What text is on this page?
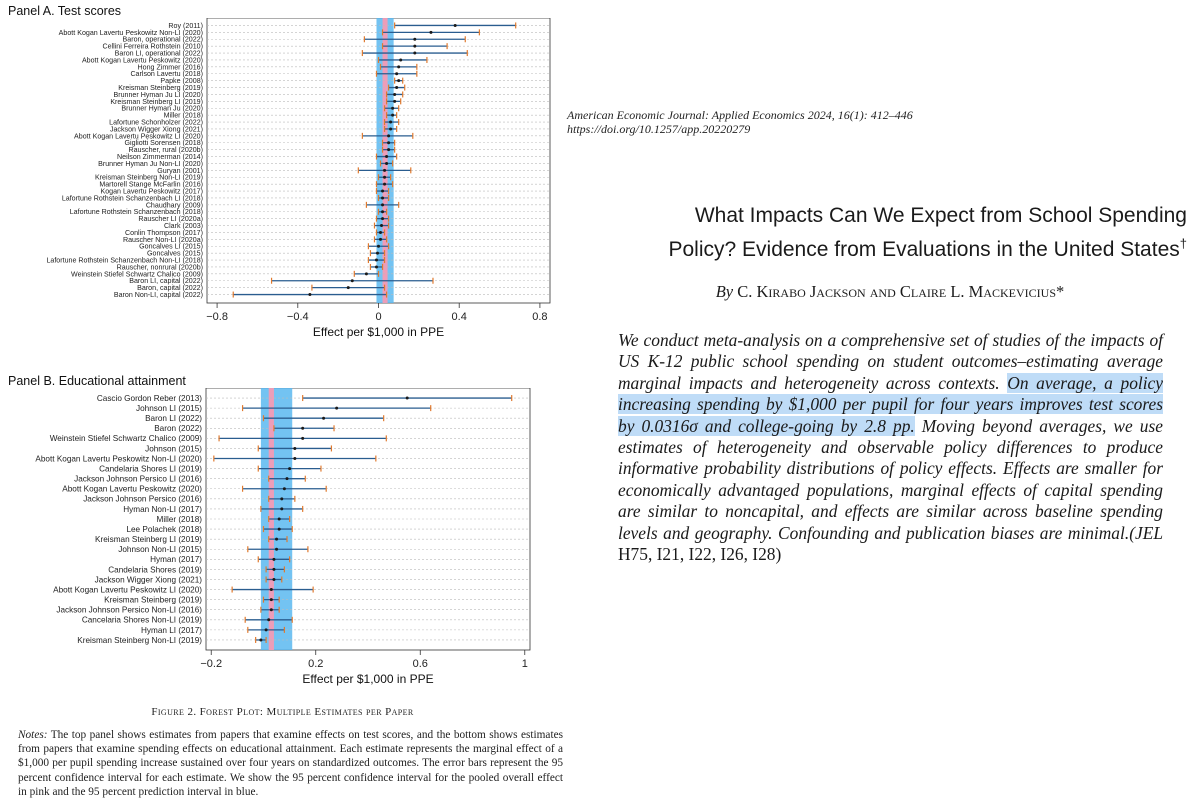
Panel A. Test scores
Roy (2011)
Abott Kogan Lavertu Peskowitz Non-LI (2020)
Baron, operational (2022)
Cellini Ferreira Rothstein (2010)
Baron LI, operational (2022)
Abott Kogan Lavertu Peskowitz (2020)
Hong Zimmer (2016)
Carlson Lavertu (2018)
Papke (2008)
Kreisman Steinberg (2019)
Brunner Hyman Ju LI (2020)
Kreisman Steinberg LI (2019)
Brunner Hyman Ju (2020)
Miller (2018)
Lafortune Schonholzer (2022)
Jackson Wigger Xiong (2021)
Abott Kogan Lavertu Peskowitz LI (2020)
Gigliotti Sorensen (2018)
Rauscher, rural (2020b)
Neilson Zimmerman (2014)
Brunner Hyman Ju Non-LI (2020)
Guryan (2001)
Kreisman Steinberg Non-LI (2019)
Martorell Stange McFarlin (2016)
Kogan Lavertu Peskowitz (2017)
Lafortune Rothstein Schanzenbach LI (2018)
Chaudhary (2009)
Lafortune Rothstein Schanzenbach (2018)
Rauscher LI (2020a)
Clark (2003)
Conlin Thompson (2017)
Rauscher Non-LI (2020a)
Goncalves LI (2015)
Goncalves (2015)
Lafortune Rothstein Schanzenbach Non-LI (2018)
Rauscher, nonrural (2020b)
Weinstein Stiefel Schwartz Chalico (2009)
Baron LI, capital (2022)
Baron, capital (2022)
Baron Non-LI, capital (2022)
−0.8	−0.4	0	0.4	0.8
Effect per $1,000 in PPE
Panel B. Educational attainment
Cascio Gordon Reber (2013)
Johnson LI (2015)
Baron LI (2022)
Baron (2022)
Weinstein Stiefel Schwartz Chalico (2009)
Johnson (2015)
Abott Kogan Lavertu Peskowitz Non-LI (2020)
Candelaria Shores LI (2019)
Jackson Johnson Persico LI (2016)
Abott Kogan Lavertu Peskowitz (2020)
Jackson Johnson Persico (2016)
Hyman Non-LI (2017)
Miller (2018)
Lee Polachek (2018)
Kreisman Steinberg LI (2019)
Johnson Non-LI (2015)
Hyman (2017)
Candelaria Shores (2019)
Jackson Wigger Xiong (2021)
Abott Kogan Lavertu Peskowitz LI (2020)
Kreisman Steinberg (2019)
Jackson Johnson Persico Non-LI (2016)
Cancelaria Shores Non-LI (2019)
Hyman LI (2017)
Kreisman Steinberg Non-LI (2019)
−0.2	0.2	0.6	1
Effect per $1,000 in PPE
Figure 2. Forest Plot: Multiple Estimates per Paper
Notes: The top panel shows estimates from papers that examine effects on test scores, and the bottom shows estimates from papers that examine spending effects on educational attainment. Each estimate represents the marginal effect of a $1,000 per pupil spending increase sustained over four years on standardized outcomes. The error bars represent the 95 percent confidence interval for each estimate. We show the 95 percent confidence interval for the pooled overall effect in pink and the 95 percent prediction interval in blue.
American Economic Journal: Applied Economics 2024, 16(1): 412–446
https://doi.org/10.1257/app.20220279
What Impacts Can We Expect from School Spending
Policy? Evidence from Evaluations in the United States†
By C. Kirabo Jackson and Claire L. Mackevicius*
We conduct meta-analysis on a comprehensive set of studies of the impacts of US K-12 public school spending on student outcomes–estimating average marginal impacts and heterogeneity across contexts. On average, a policy increasing spending by $1,000 per pupil for four years improves test scores by 0.0316σ and college-going by 2.8 pp. Moving beyond averages, we use estimates of heterogeneity and observable policy differences to produce informative probability distributions of policy effects. Effects are smaller for economically advantaged populations, marginal effects of capital spending are similar to noncapital, and effects are similar across baseline spending levels and geography. Confounding and publication biases are minimal.(JEL H75, I21, I22, I26, I28)
